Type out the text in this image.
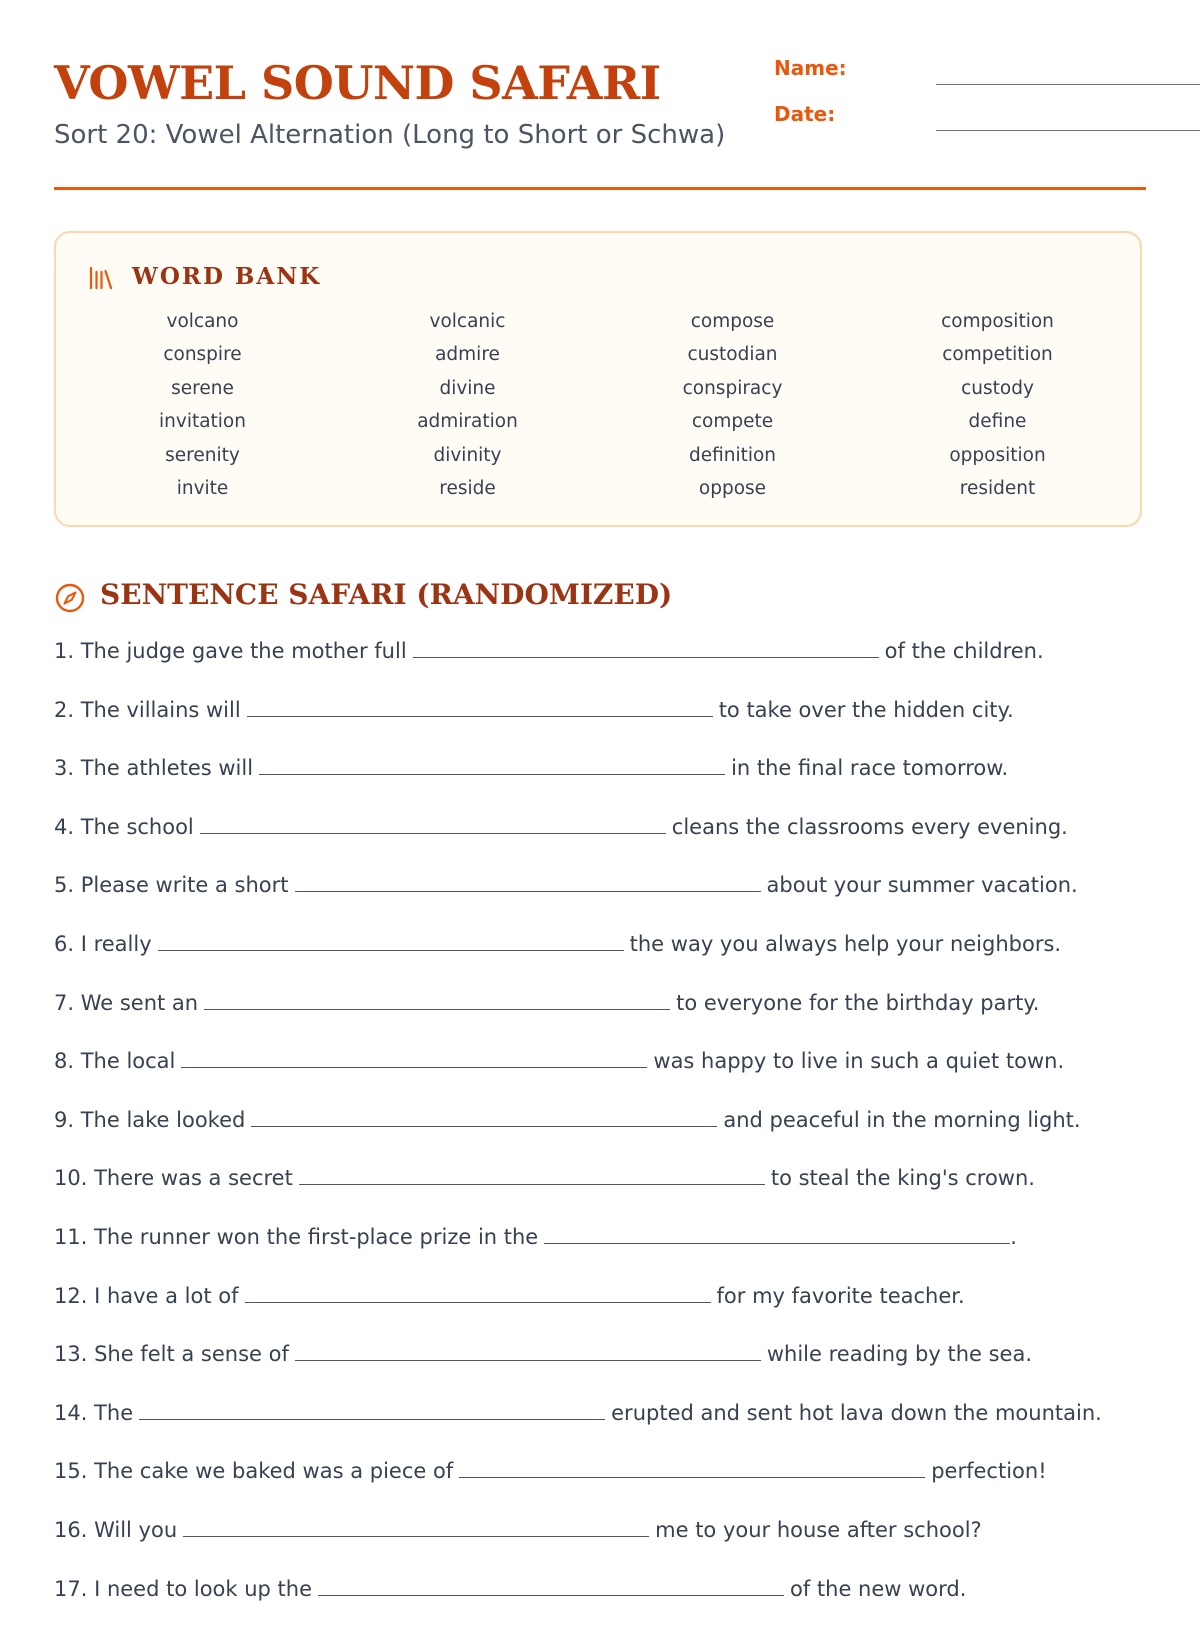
VOWEL SOUND SAFARI
Sort 20: Vowel Alternation (Long to Short or Schwa)
Name:
Date:
WORD BANK
volcano	volcanic	compose	composition
conspire	admire	custodian	competition
serene	divine	conspiracy	custody
invitation	admiration	compete	define
serenity	divinity	definition	opposition
invite	reside	oppose	resident
SENTENCE SAFARI (RANDOMIZED)
1. The judge gave the mother full	of the children.
2. The villains will	to take over the hidden city.
3. The athletes will	in the final race tomorrow.
4. The school	cleans the classrooms every evening.
5. Please write a short	about your summer vacation.
6. I really	the way you always help your neighbors.
7. We sent an	to everyone for the birthday party.
8. The local	was happy to live in such a quiet town.
9. The lake looked	and peaceful in the morning light.
10. There was a secret	to steal the king's crown.
11. The runner won the first-place prize in the	.
12. I have a lot of	for my favorite teacher.
13. She felt a sense of	while reading by the sea.
14. The	erupted and sent hot lava down the mountain.
15. The cake we baked was a piece of	perfection!
16. Will you	me to your house after school?
17. I need to look up the	of the new word.
